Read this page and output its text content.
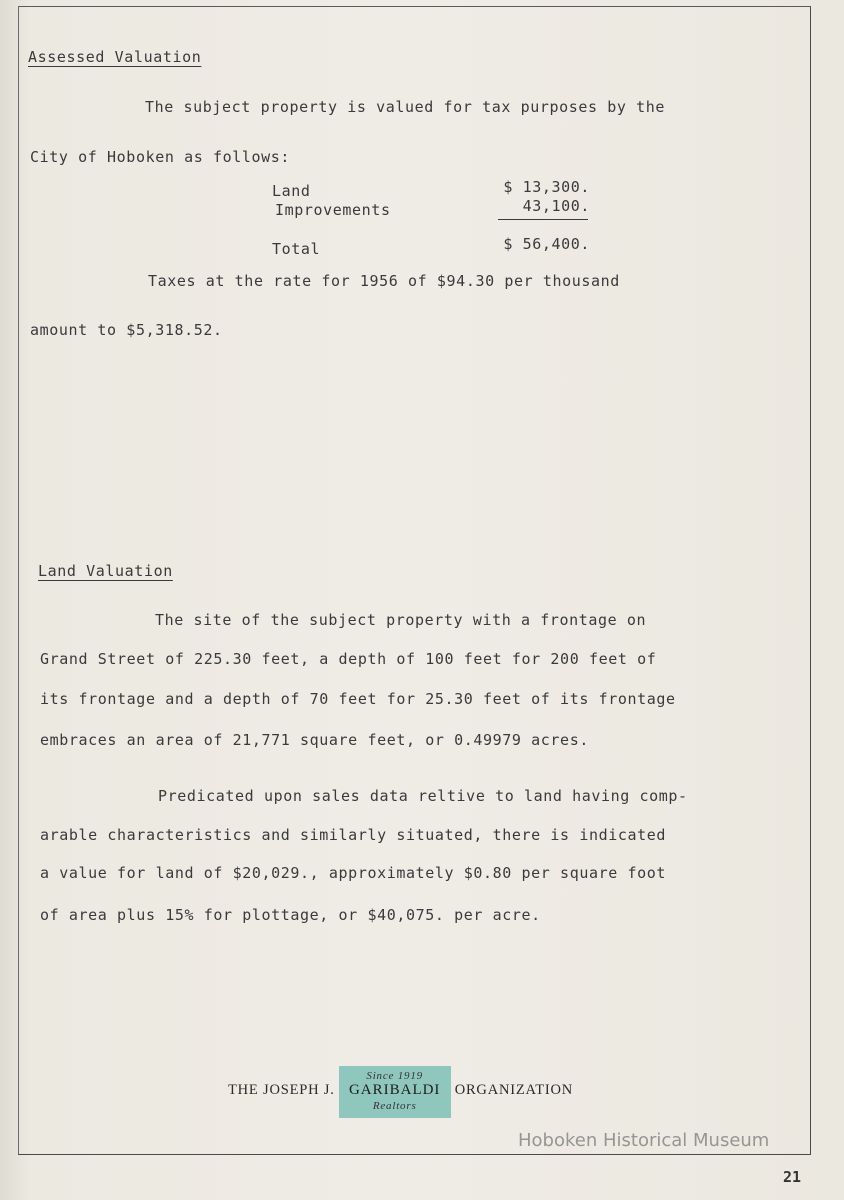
Assessed Valuation
The subject property is valued for tax purposes by the
City of Hoboken as follows:
Land	$ 13,300.
Improvements	43,100.
Total	$ 56,400.
Taxes at the rate for 1956 of $94.30 per thousand
amount to $5,318.52.
Land Valuation
The site of the subject property with a frontage on
Grand Street of 225.30 feet, a depth of 100 feet for 200 feet of
its frontage and a depth of 70 feet for 25.30 feet of its frontage
embraces an area of 21,771 square feet, or 0.49979 acres.
Predicated upon sales data reltive to land having comp-
arable characteristics and similarly situated, there is indicated
a value for land of $20,029., approximately $0.80 per square foot
of area plus 15% for plottage, or $40,075. per acre.
THE JOSEPH J.
Since 1919
GARIBALDI
Realtors
ORGANIZATION
Hoboken Historical Museum
21
